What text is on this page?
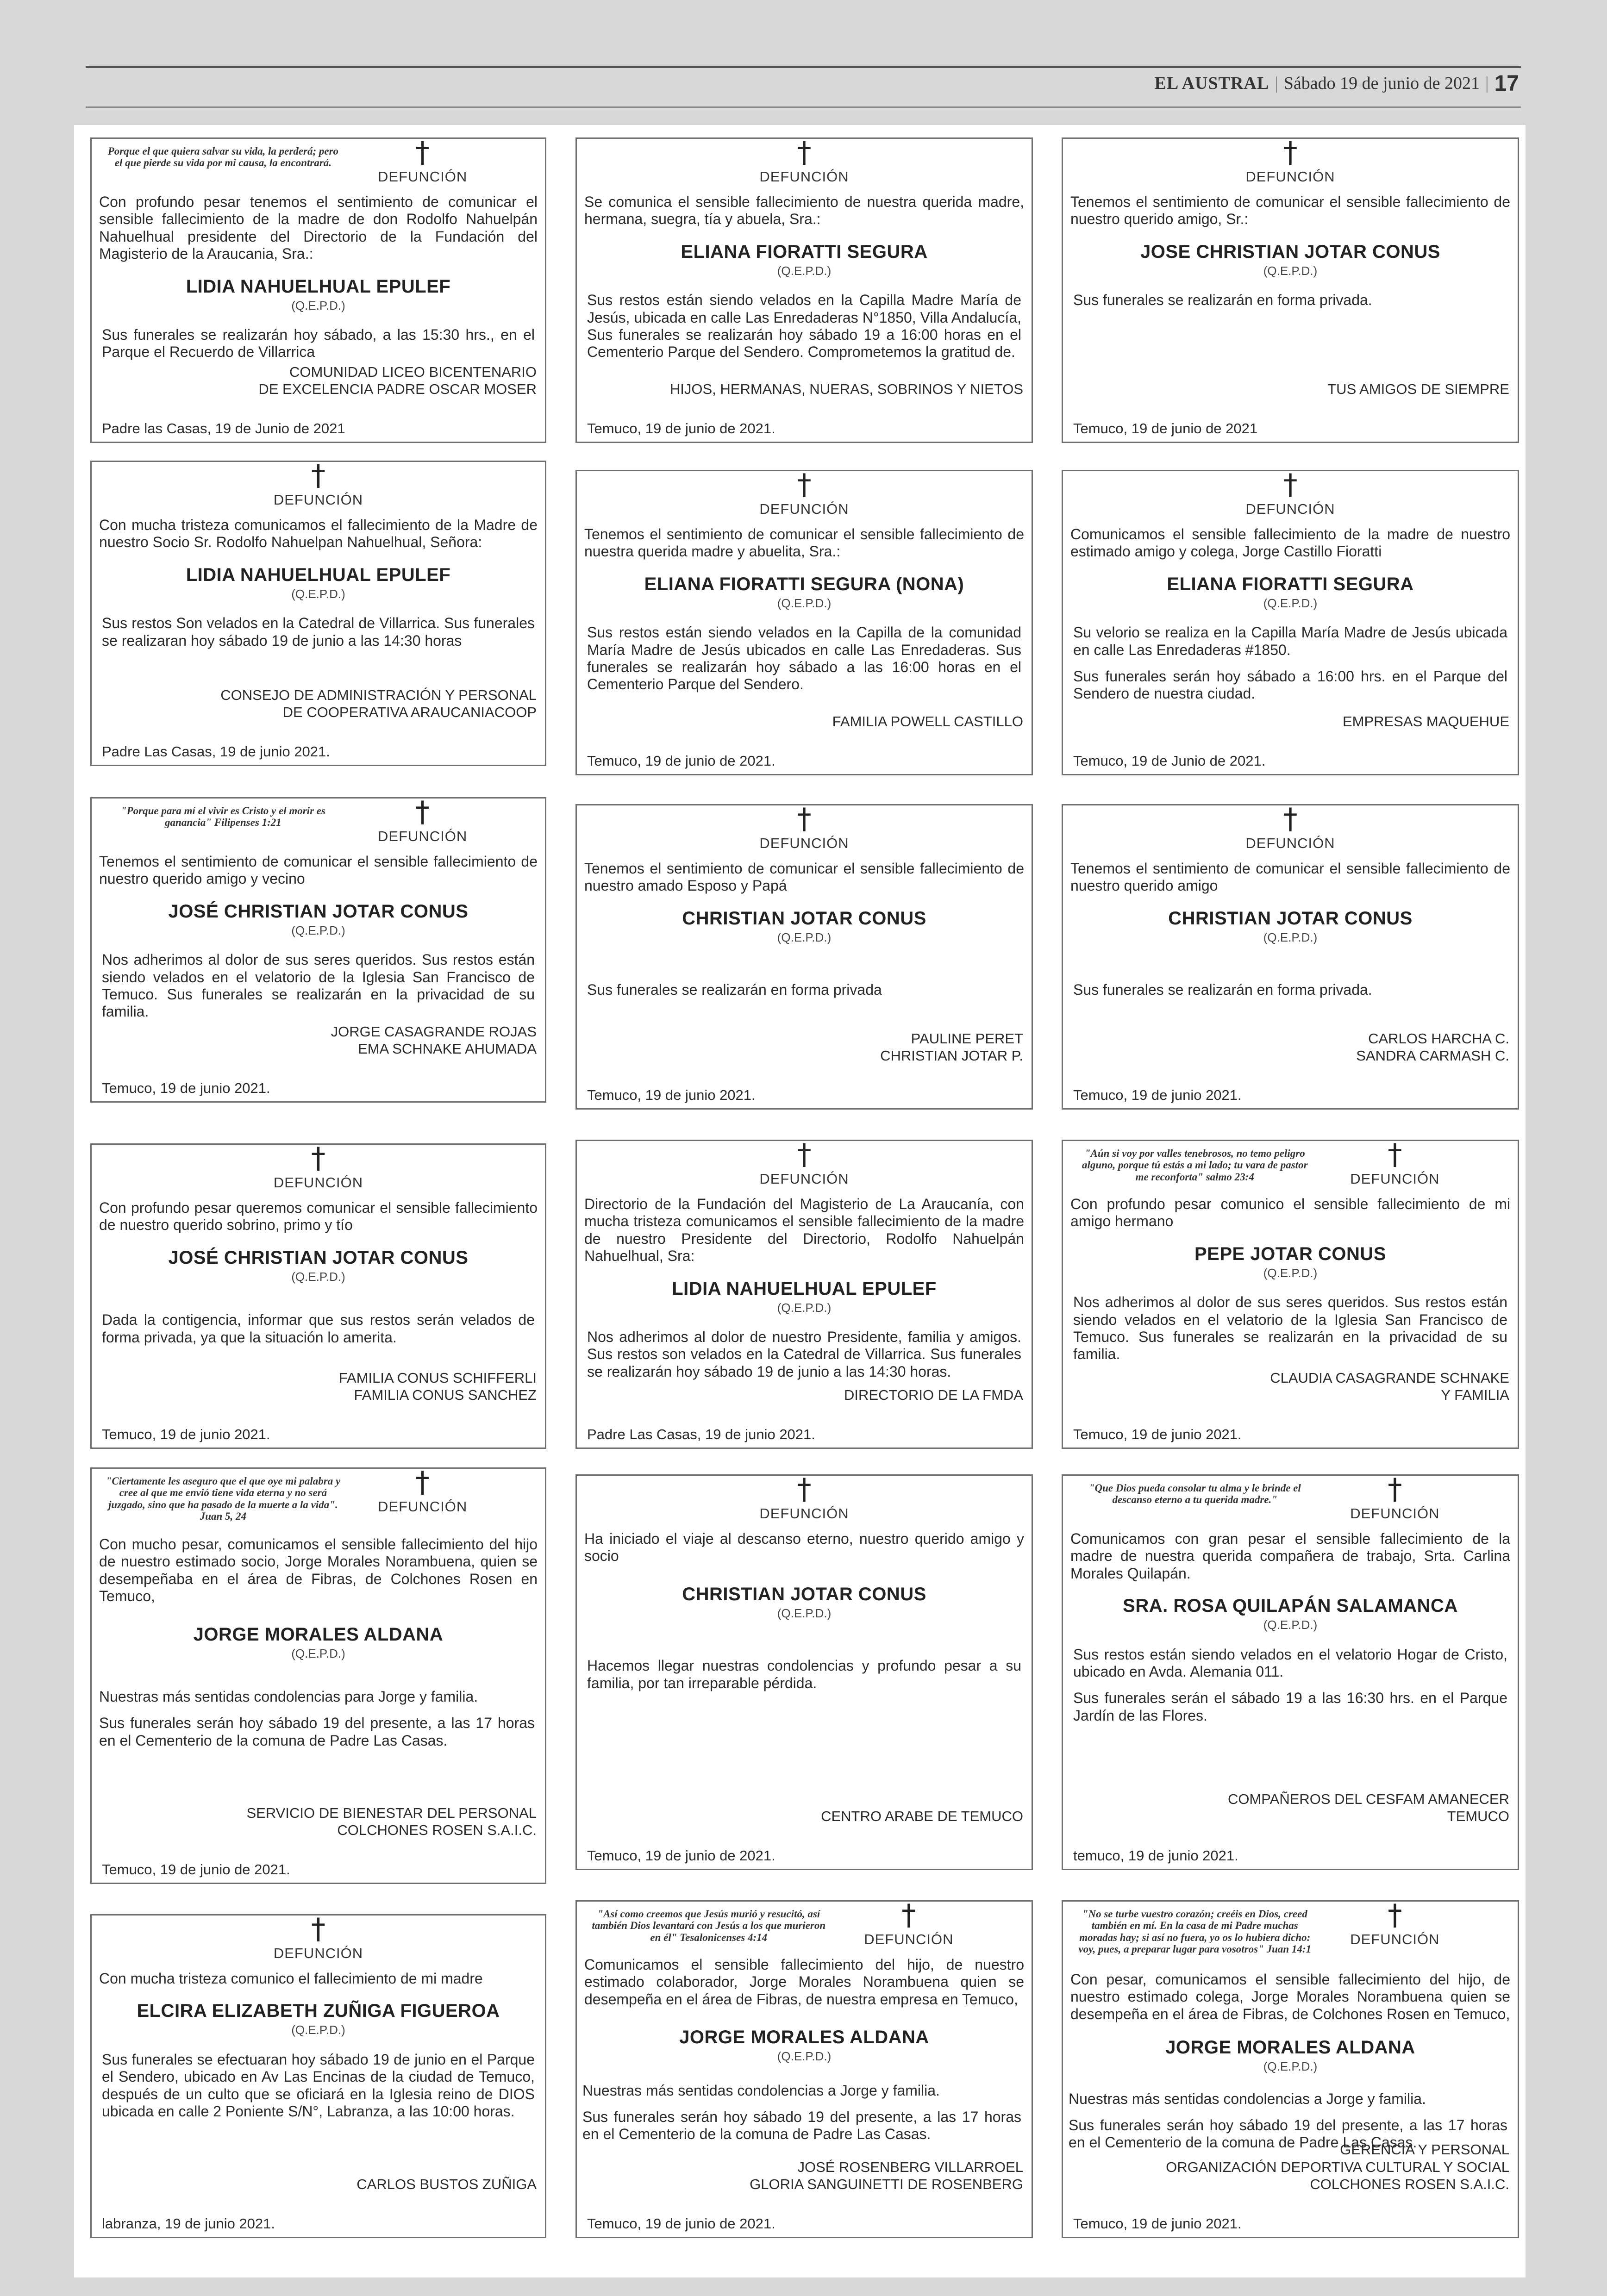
EL AUSTRAL | Sábado 19 de junio de 2021 | 17
Porque el que quiera salvar su vida, la perderá; pero el que pierde su vida por mi causa, la encontrará.	†
DEFUNCIÓN
Con profundo pesar tenemos el sentimiento de comunicar el sensible fallecimiento de la madre de don Rodolfo Nahuelpán Nahuelhual presidente del Directorio de la Fundación del Magisterio de la Araucania, Sra.:
LIDIA NAHUELHUAL EPULEF
(Q.E.P.D.)

Sus funerales se realizarán hoy sábado, a las 15:30 hrs., en el Parque el Recuerdo de Villarrica

COMUNIDAD LICEO BICENTENARIO
DE EXCELENCIA PADRE OSCAR MOSER
Padre las Casas, 19 de Junio de 2021
†
DEFUNCIÓN
Se comunica el sensible fallecimiento de nuestra querida madre, hermana, suegra, tía y abuela, Sra.:
ELIANA FIORATTI SEGURA
(Q.E.P.D.)

Sus restos están siendo velados en la Capilla Madre María de Jesús, ubicada en calle Las Enredaderas N°1850, Villa Andalucía, Sus funerales se realizarán hoy sábado 19 a 16:00 horas en el Cementerio Parque del Sendero. Comprometemos la gratitud de.

HIJOS, HERMANAS, NUERAS, SOBRINOS Y NIETOS
Temuco, 19 de junio de 2021.
†
DEFUNCIÓN
Tenemos el sentimiento de comunicar el sensible fallecimiento de nuestro querido amigo, Sr.:
JOSE CHRISTIAN JOTAR CONUS
(Q.E.P.D.)

Sus funerales se realizarán en forma privada.

TUS AMIGOS DE SIEMPRE
Temuco, 19 de junio de 2021
†
DEFUNCIÓN
Con mucha tristeza comunicamos el fallecimiento de la Madre de nuestro Socio Sr. Rodolfo Nahuelpan Nahuelhual, Señora:
LIDIA NAHUELHUAL EPULEF
(Q.E.P.D.)

Sus restos Son velados en la Catedral de Villarrica. Sus funerales se realizaran hoy sábado 19 de junio a las 14:30 horas

CONSEJO DE ADMINISTRACIÓN Y PERSONAL
DE COOPERATIVA ARAUCANIACOOP
Padre Las Casas, 19 de junio 2021.
†
DEFUNCIÓN
Tenemos el sentimiento de comunicar el sensible fallecimiento de nuestra querida madre y abuelita, Sra.:
ELIANA FIORATTI SEGURA (NONA)
(Q.E.P.D.)

Sus restos están siendo velados en la Capilla de la comunidad María Madre de Jesús ubicados en calle Las Enredaderas. Sus funerales se realizarán hoy sábado a las 16:00 horas en el Cementerio Parque del Sendero.

FAMILIA POWELL CASTILLO
Temuco, 19 de junio de 2021.
†
DEFUNCIÓN
Comunicamos el sensible fallecimiento de la madre de nuestro estimado amigo y colega, Jorge Castillo Fioratti
ELIANA FIORATTI SEGURA
(Q.E.P.D.)

Su velorio se realiza en la Capilla María Madre de Jesús ubicada en calle Las Enredaderas #1850.

Sus funerales serán hoy sábado a 16:00 hrs. en el Parque del Sendero de nuestra ciudad.

EMPRESAS MAQUEHUE
Temuco, 19 de Junio de 2021.
"Porque para mí el vivir es Cristo y el morir es ganancia" Filipenses 1:21	†
DEFUNCIÓN
Tenemos el sentimiento de comunicar el sensible fallecimiento de nuestro querido amigo y vecino
JOSÉ CHRISTIAN JOTAR CONUS
(Q.E.P.D.)

Nos adherimos al dolor de sus seres queridos. Sus restos están siendo velados en el velatorio de la Iglesia San Francisco de Temuco. Sus funerales se realizarán en la privacidad de su familia.

JORGE CASAGRANDE ROJAS
EMA SCHNAKE AHUMADA
Temuco, 19 de junio 2021.
†
DEFUNCIÓN
Tenemos el sentimiento de comunicar el sensible fallecimiento de nuestro amado Esposo y Papá
CHRISTIAN JOTAR CONUS
(Q.E.P.D.)

Sus funerales se realizarán en forma privada

PAULINE PERET
CHRISTIAN JOTAR P.
Temuco, 19 de junio 2021.
†
DEFUNCIÓN
Tenemos el sentimiento de comunicar el sensible fallecimiento de nuestro querido amigo
CHRISTIAN JOTAR CONUS
(Q.E.P.D.)

Sus funerales se realizarán en forma privada.

CARLOS HARCHA C.
SANDRA CARMASH C.
Temuco, 19 de junio 2021.
†
DEFUNCIÓN
Con profundo pesar queremos comunicar el sensible fallecimiento de nuestro querido sobrino, primo y tío
JOSÉ CHRISTIAN JOTAR CONUS
(Q.E.P.D.)

Dada la contigencia, informar que sus restos serán velados de forma privada, ya que la situación lo amerita.

FAMILIA CONUS SCHIFFERLI
FAMILIA CONUS SANCHEZ
Temuco, 19 de junio 2021.
†
DEFUNCIÓN
Directorio de la Fundación del Magisterio de La Araucanía, con mucha tristeza comunicamos el sensible fallecimiento de la madre de nuestro Presidente del Directorio, Rodolfo Nahuelpán Nahuelhual, Sra:
LIDIA NAHUELHUAL EPULEF
(Q.E.P.D.)

Nos adherimos al dolor de nuestro Presidente, familia y amigos. Sus restos son velados en la Catedral de Villarrica. Sus funerales se realizarán hoy sábado 19 de junio a las 14:30 horas.

DIRECTORIO DE LA FMDA
Padre Las Casas, 19 de junio 2021.
"Aún si voy por valles tenebrosos, no temo peligro alguno, porque tú estás a mi lado; tu vara de pastor me reconforta" salmo 23:4
†
DEFUNCIÓN
Con profundo pesar comunico el sensible fallecimiento de mi amigo hermano
PEPE JOTAR CONUS
(Q.E.P.D.)

Nos adherimos al dolor de sus seres queridos. Sus restos están siendo velados en el velatorio de la Iglesia San Francisco de Temuco. Sus funerales se realizarán en la privacidad de su familia.

CLAUDIA CASAGRANDE SCHNAKE
Y FAMILIA
Temuco, 19 de junio 2021.
"Ciertamente les aseguro que el que oye mi palabra y cree al que me envió tiene vida eterna y no será juzgado, sino que ha pasado de la muerte a la vida". Juan 5, 24
†
DEFUNCIÓN
Con mucho pesar, comunicamos el sensible fallecimiento del hijo de nuestro estimado socio, Jorge Morales Norambuena, quien se desempeñaba en el área de Fibras, de Colchones Rosen en Temuco,
JORGE MORALES ALDANA
(Q.E.P.D.)

Nuestras más sentidas condolencias para Jorge y familia.

Sus funerales serán hoy sábado 19 del presente, a las 17 horas en el Cementerio de la comuna de Padre Las Casas.

SERVICIO DE BIENESTAR DEL PERSONAL
COLCHONES ROSEN S.A.I.C.
Temuco, 19 de junio de 2021.
†
DEFUNCIÓN
Ha iniciado el viaje al descanso eterno, nuestro querido amigo y socio
CHRISTIAN JOTAR CONUS
(Q.E.P.D.)

Hacemos llegar nuestras condolencias y profundo pesar a su familia, por tan irreparable pérdida.

CENTRO ARABE DE TEMUCO
Temuco, 19 de junio de 2021.
"Que Dios pueda consolar tu alma y le brinde el descanso eterno a tu querida madre."	†
DEFUNCIÓN
Comunicamos con gran pesar el sensible fallecimiento de la madre de nuestra querida compañera de trabajo, Srta. Carlina Morales Quilapán.
SRA. ROSA QUILAPÁN SALAMANCA
(Q.E.P.D.)

Sus restos están siendo velados en el velatorio Hogar de Cristo, ubicado en Avda. Alemania 011.

Sus funerales serán el sábado 19 a las 16:30 hrs. en el Parque Jardín de las Flores.

COMPAÑEROS DEL CESFAM AMANECER
TEMUCO
temuco, 19 de junio 2021.
†
DEFUNCIÓN
Con mucha tristeza comunico el fallecimiento de mi madre
ELCIRA ELIZABETH ZUÑIGA FIGUEROA
(Q.E.P.D.)

Sus funerales se efectuaran hoy sábado 19 de junio en el Parque el Sendero, ubicado en Av Las Encinas de la ciudad de Temuco, después de un culto que se oficiará en la Iglesia reino de DIOS ubicada en calle 2 Poniente S/N°, Labranza, a las 10:00 horas.

CARLOS BUSTOS ZUÑIGA
labranza, 19 de junio 2021.
"Así como creemos que Jesús murió y resucitó, así también Dios levantará con Jesús a los que murieron en él" Tesalonicenses 4:14
†
DEFUNCIÓN
Comunicamos el sensible fallecimiento del hijo, de nuestro estimado colaborador, Jorge Morales Norambuena quien se desempeña en el área de Fibras, de nuestra empresa en Temuco,
JORGE MORALES ALDANA
(Q.E.P.D.)

Nuestras más sentidas condolencias a Jorge y familia.

Sus funerales serán hoy sábado 19 del presente, a las 17 horas en el Cementerio de la comuna de Padre Las Casas.

JOSÉ ROSENBERG VILLARROEL
GLORIA SANGUINETTI DE ROSENBERG
Temuco, 19 de junio de 2021.
"No se turbe vuestro corazón; creéis en Dios, creed también en mí. En la casa de mi Padre muchas moradas hay; si así no fuera, yo os lo hubiera dicho: voy, pues, a preparar lugar para vosotros" Juan 14:1
†
DEFUNCIÓN
Con pesar, comunicamos el sensible fallecimiento del hijo, de nuestro estimado colega, Jorge Morales Norambuena quien se desempeña en el área de Fibras, de Colchones Rosen en Temuco,
JORGE MORALES ALDANA
(Q.E.P.D.)

Nuestras más sentidas condolencias a Jorge y familia.

Sus funerales serán hoy sábado 19 del presente, a las 17 horas en el Cementerio de la comuna de Padre Las Casas.

GERENCIA Y PERSONAL
ORGANIZACIÓN DEPORTIVA CULTURAL Y SOCIAL
COLCHONES ROSEN S.A.I.C.
Temuco, 19 de junio 2021.
